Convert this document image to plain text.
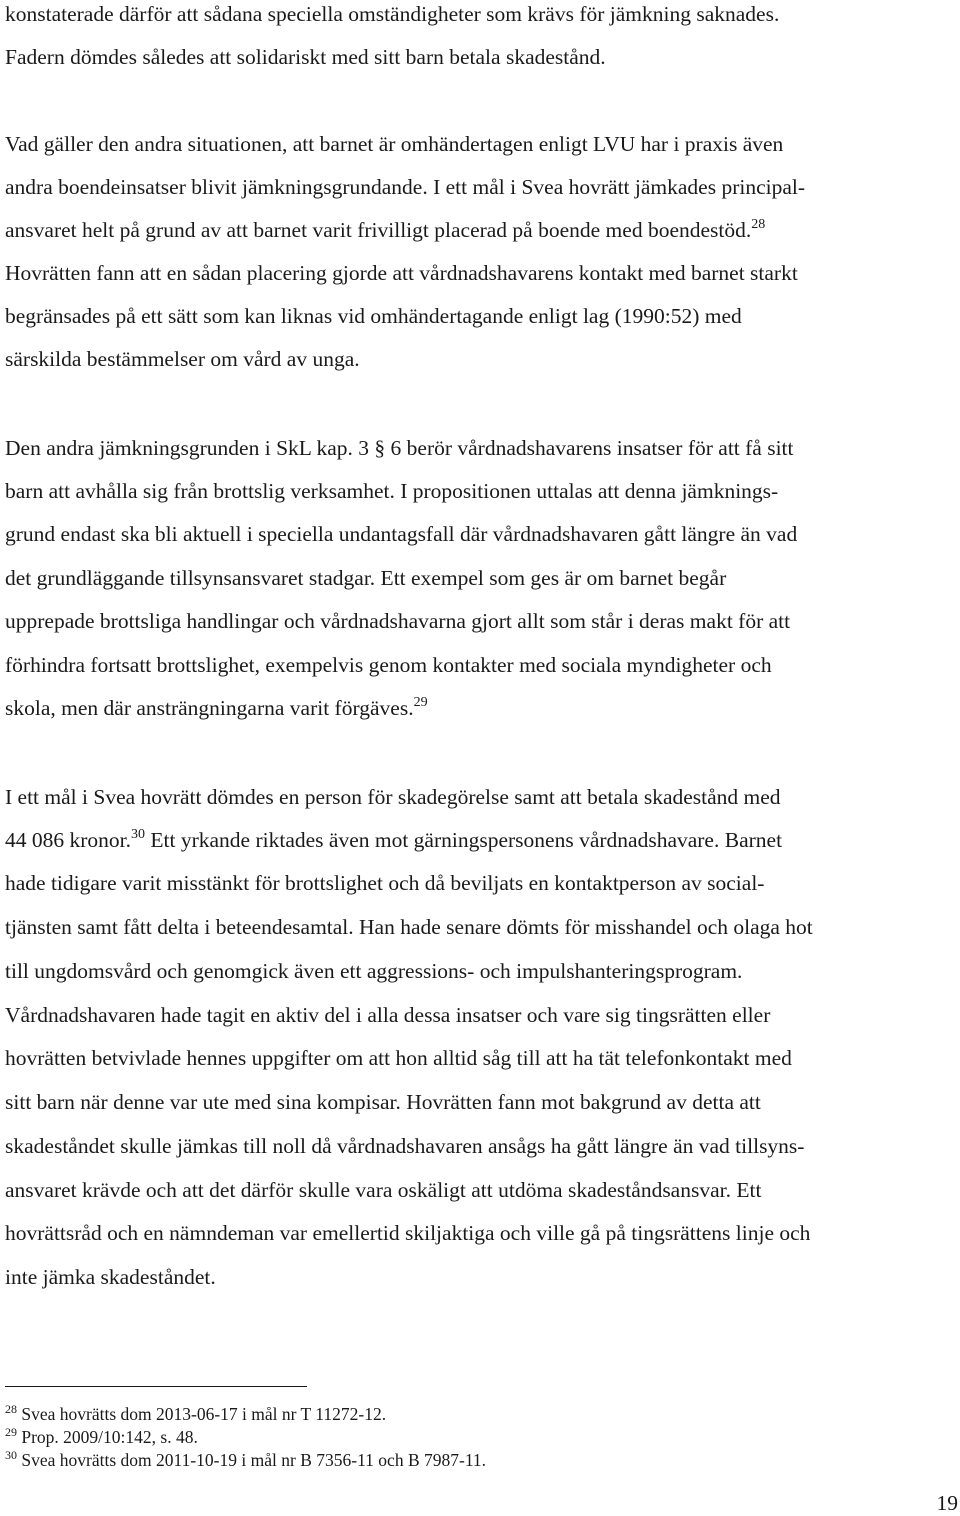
konstaterade därför att sådana speciella omständigheter som krävs för jämkning saknades.
Fadern dömdes således att solidariskt med sitt barn betala skadestånd.
Vad gäller den andra situationen, att barnet är omhändertagen enligt LVU har i praxis även
andra boendeinsatser blivit jämkningsgrundande. I ett mål i Svea hovrätt jämkades principal-
ansvaret helt på grund av att barnet varit frivilligt placerad på boende med boendestöd.$^{28}$
Hovrätten fann att en sådan placering gjorde att vårdnadshavarens kontakt med barnet starkt
begränsades på ett sätt som kan liknas vid omhändertagande enligt lag (1990:52) med
särskilda bestämmelser om vård av unga.
Den andra jämkningsgrunden i SkL kap. 3 § 6 berör vårdnadshavarens insatser för att få sitt
barn att avhålla sig från brottslig verksamhet. I propositionen uttalas att denna jämknings-
grund endast ska bli aktuell i speciella undantagsfall där vårdnadshavaren gått längre än vad
det grundläggande tillsynsansvaret stadgar. Ett exempel som ges är om barnet begår
upprepade brottsliga handlingar och vårdnadshavarna gjort allt som står i deras makt för att
förhindra fortsatt brottslighet, exempelvis genom kontakter med sociala myndigheter och
skola, men där ansträngningarna varit förgäves.$^{29}$
I ett mål i Svea hovrätt dömdes en person för skadegörelse samt att betala skadestånd med
44 086 kronor.$^{30}$ Ett yrkande riktades även mot gärningspersonens vårdnadshavare. Barnet
hade tidigare varit misstänkt för brottslighet och då beviljats en kontaktperson av social-
tjänsten samt fått delta i beteendesamtal. Han hade senare dömts för misshandel och olaga hot
till ungdomsvård och genomgick även ett aggressions- och impulshanteringsprogram.
Vårdnadshavaren hade tagit en aktiv del i alla dessa insatser och vare sig tingsrätten eller
hovrätten betvivlade hennes uppgifter om att hon alltid såg till att ha tät telefonkontakt med
sitt barn när denne var ute med sina kompisar. Hovrätten fann mot bakgrund av detta att
skadeståndet skulle jämkas till noll då vårdnadshavaren ansågs ha gått längre än vad tillsyns-
ansvaret krävde och att det därför skulle vara oskäligt att utdöma skadeståndsansvar. Ett
hovrättsråd och en nämndeman var emellertid skiljaktiga och ville gå på tingsrättens linje och
inte jämka skadeståndet.
$^{28}$ Svea hovrätts dom 2013-06-17 i mål nr T 11272-12.
$^{29}$ Prop. 2009/10:142, s. 48.
$^{30}$ Svea hovrätts dom 2011-10-19 i mål nr B 7356-11 och B 7987-11.
19
